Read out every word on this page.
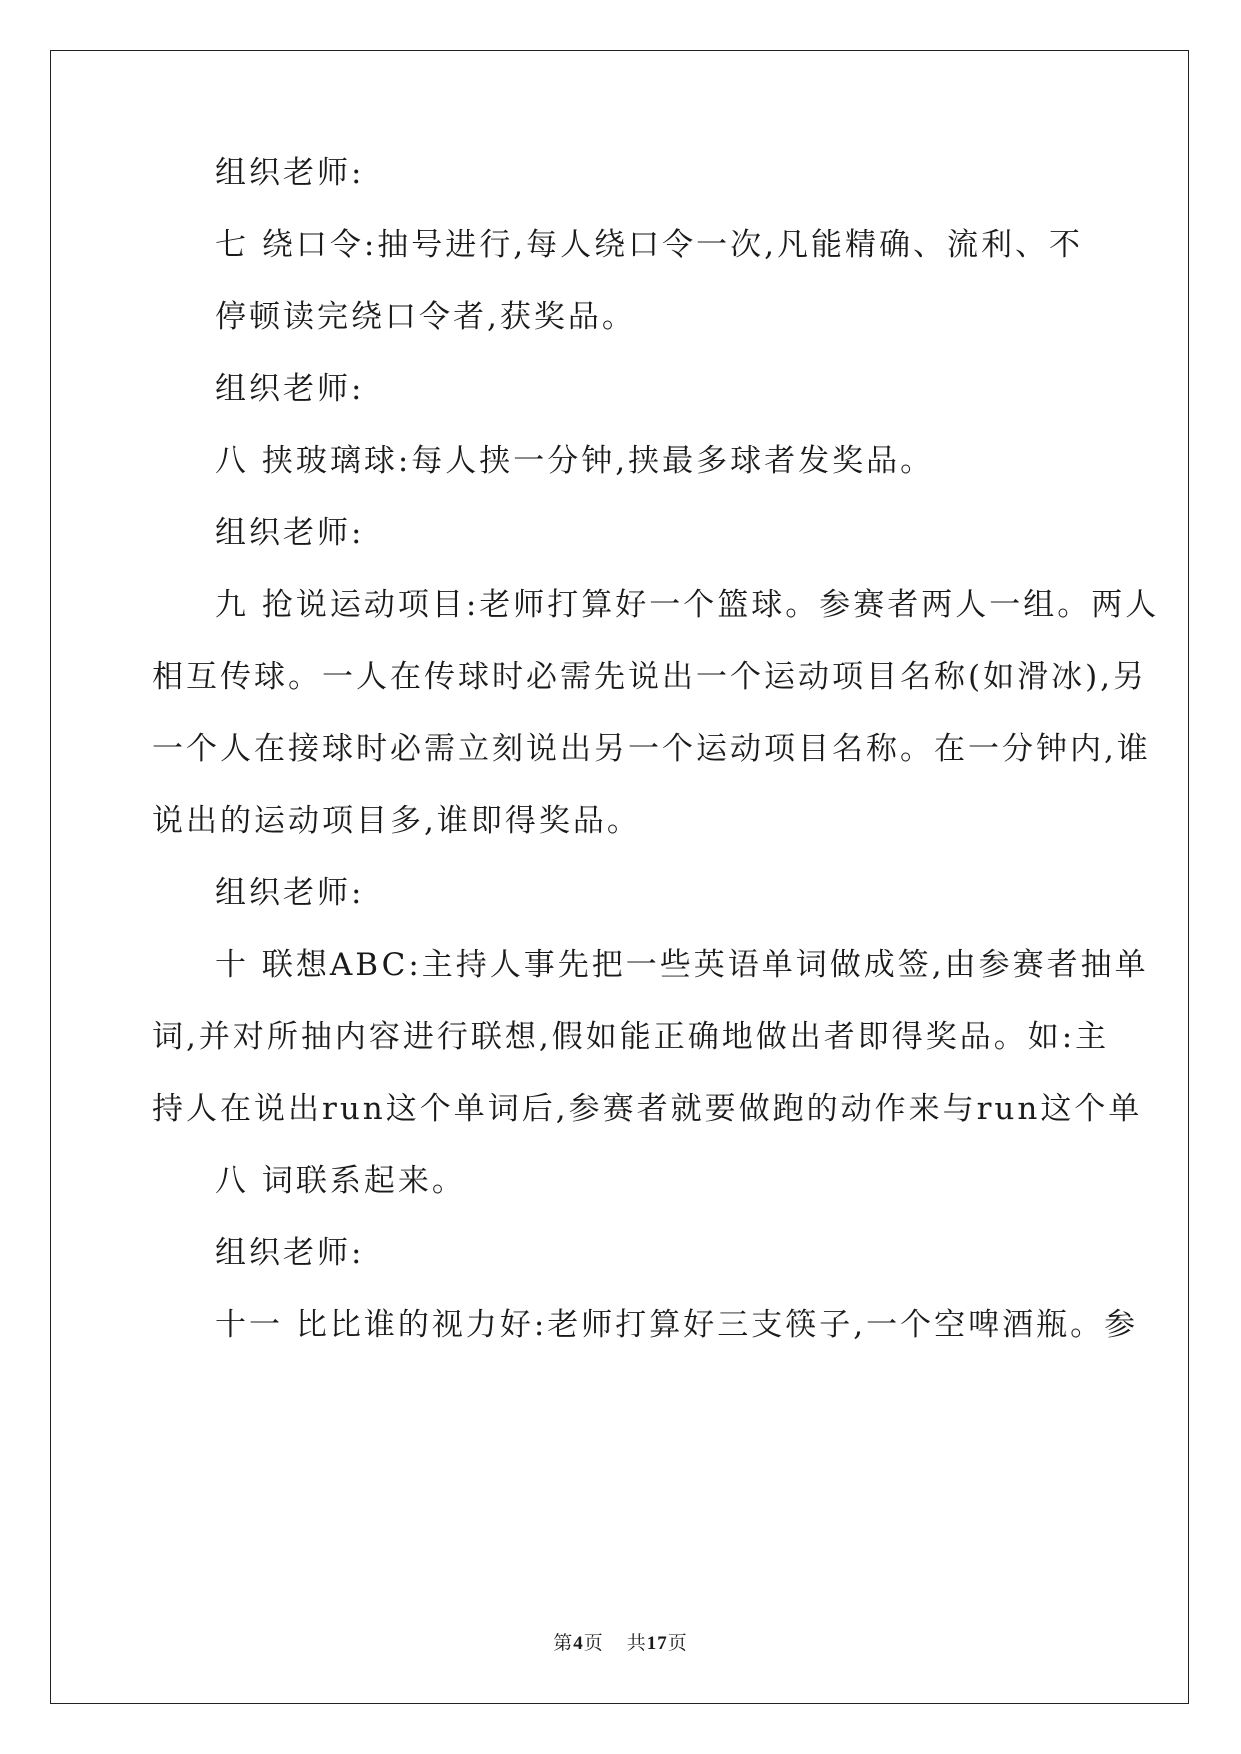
组织老师:
七 绕口令:抽号进行,每人绕口令一次,凡能精确、流利、不
停顿读完绕口令者,获奖品。
组织老师:
八 挟玻璃球:每人挟一分钟,挟最多球者发奖品。
组织老师:
九 抢说运动项目:老师打算好一个篮球。参赛者两人一组。两人
相互传球。一人在传球时必需先说出一个运动项目名称(如滑冰),另
一个人在接球时必需立刻说出另一个运动项目名称。在一分钟内,谁
说出的运动项目多,谁即得奖品。
组织老师:
十 联想ABC:主持人事先把一些英语单词做成签,由参赛者抽单
词,并对所抽内容进行联想,假如能正确地做出者即得奖品。如:主
持人在说出run这个单词后,参赛者就要做跑的动作来与run这个单
八 词联系起来。
组织老师:
十一 比比谁的视力好:老师打算好三支筷子,一个空啤酒瓶。参
第4页 共17页
